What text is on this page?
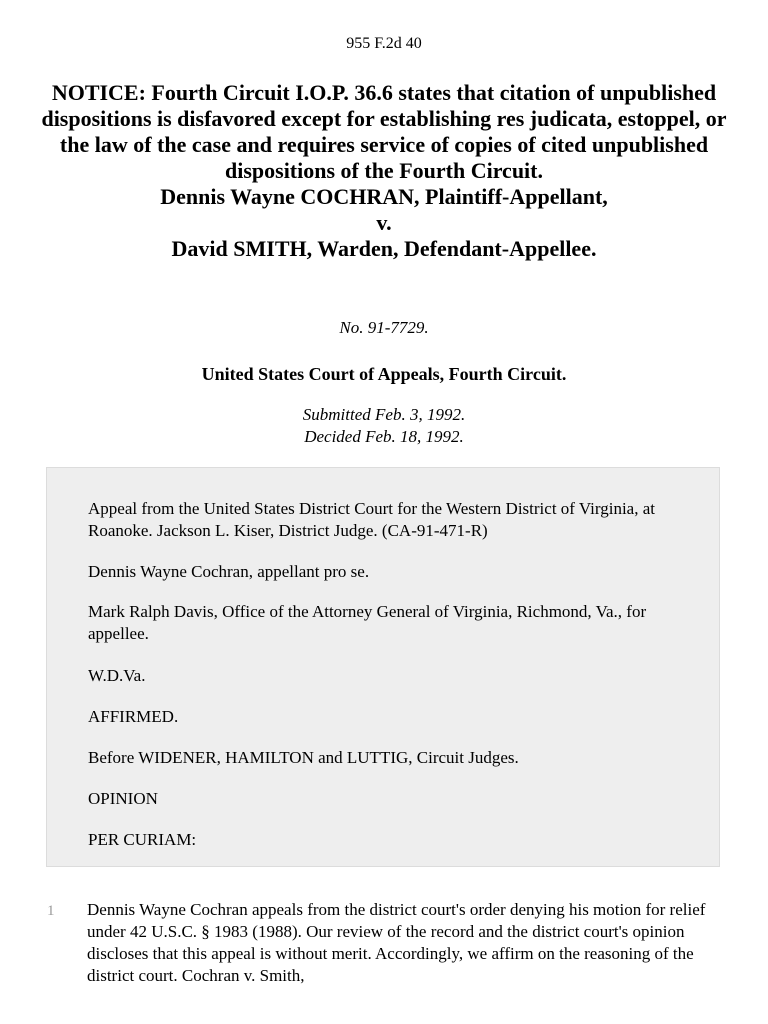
955 F.2d 40
NOTICE: Fourth Circuit I.O.P. 36.6 states that citation of unpublished dispositions is disfavored except for establishing res judicata, estoppel, or the law of the case and requires service of copies of cited unpublished dispositions of the Fourth Circuit.
Dennis Wayne COCHRAN, Plaintiff-Appellant,
v.
David SMITH, Warden, Defendant-Appellee.
No. 91-7729.
United States Court of Appeals, Fourth Circuit.
Submitted Feb. 3, 1992.
Decided Feb. 18, 1992.

Appeal from the United States District Court for the Western District of Virginia, at Roanoke. Jackson L. Kiser, District Judge. (CA-91-471-R)

Dennis Wayne Cochran, appellant pro se.

Mark Ralph Davis, Office of the Attorney General of Virginia, Richmond, Va., for appellee.

W.D.Va.

AFFIRMED.

Before WIDENER, HAMILTON and LUTTIG, Circuit Judges.

OPINION

PER CURIAM:

1 Dennis Wayne Cochran appeals from the district court's order denying his motion for relief under 42 U.S.C. § 1983 (1988). Our review of the record and the district court's opinion discloses that this appeal is without merit. Accordingly, we affirm on the reasoning of the district court. Cochran v. Smith,
